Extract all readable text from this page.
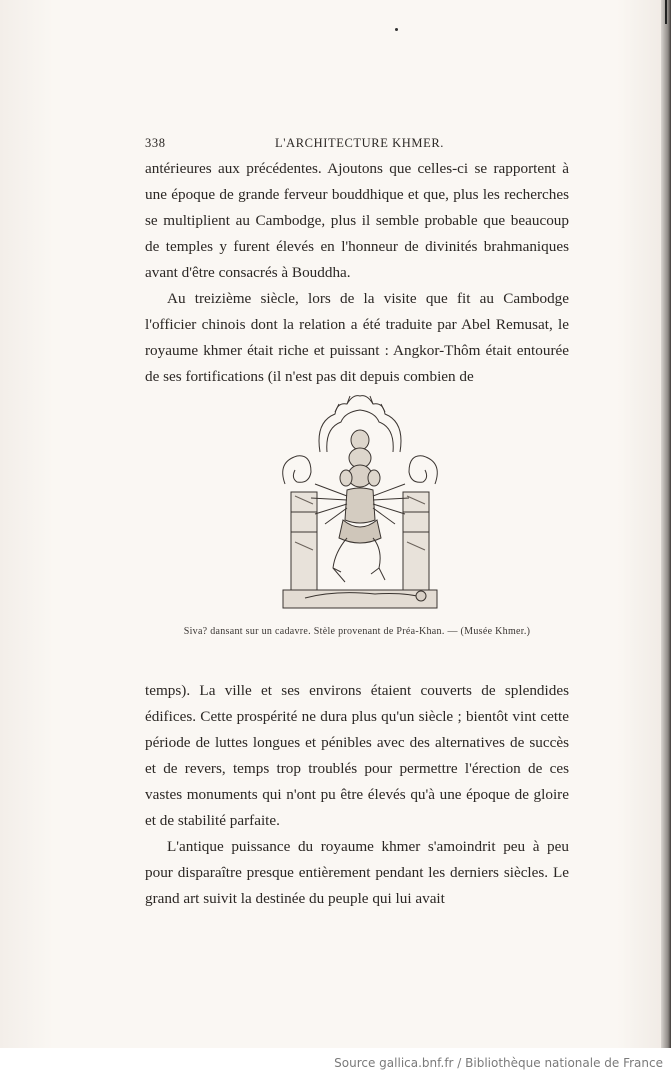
338	L'ARCHITECTURE KHMER.

antérieures aux précédentes. Ajoutons que celles-ci se rapportent à une époque de grande ferveur bouddhique et que, plus les recherches se multiplient au Cambodge, plus il semble probable que beaucoup de temples y furent élevés en l'honneur de divinités brahmaniques avant d'être consacrés à Bouddha.

Au treizième siècle, lors de la visite que fit au Cambodge l'officier chinois dont la relation a été traduite par Abel Remusat, le royaume khmer était riche et puissant : Angkor-Thôm était entourée de ses fortifications (il n'est pas dit depuis combien de

Siva? dansant sur un cadavre. Stèle provenant de Préa-Khan. — (Musée Khmer.)

temps). La ville et ses environs étaient couverts de splendides édifices. Cette prospérité ne dura plus qu'un siècle ; bientôt vint cette période de luttes longues et pénibles avec des alternatives de succès et de revers, temps trop troublés pour permettre l'érection de ces vastes monuments qui n'ont pu être élevés qu'à une époque de gloire et de stabilité parfaite.

L'antique puissance du royaume khmer s'amoindrit peu à peu pour disparaître presque entièrement pendant les derniers siècles. Le grand art suivit la destinée du peuple qui lui avait

Source gallica.bnf.fr / Bibliothèque nationale de France
